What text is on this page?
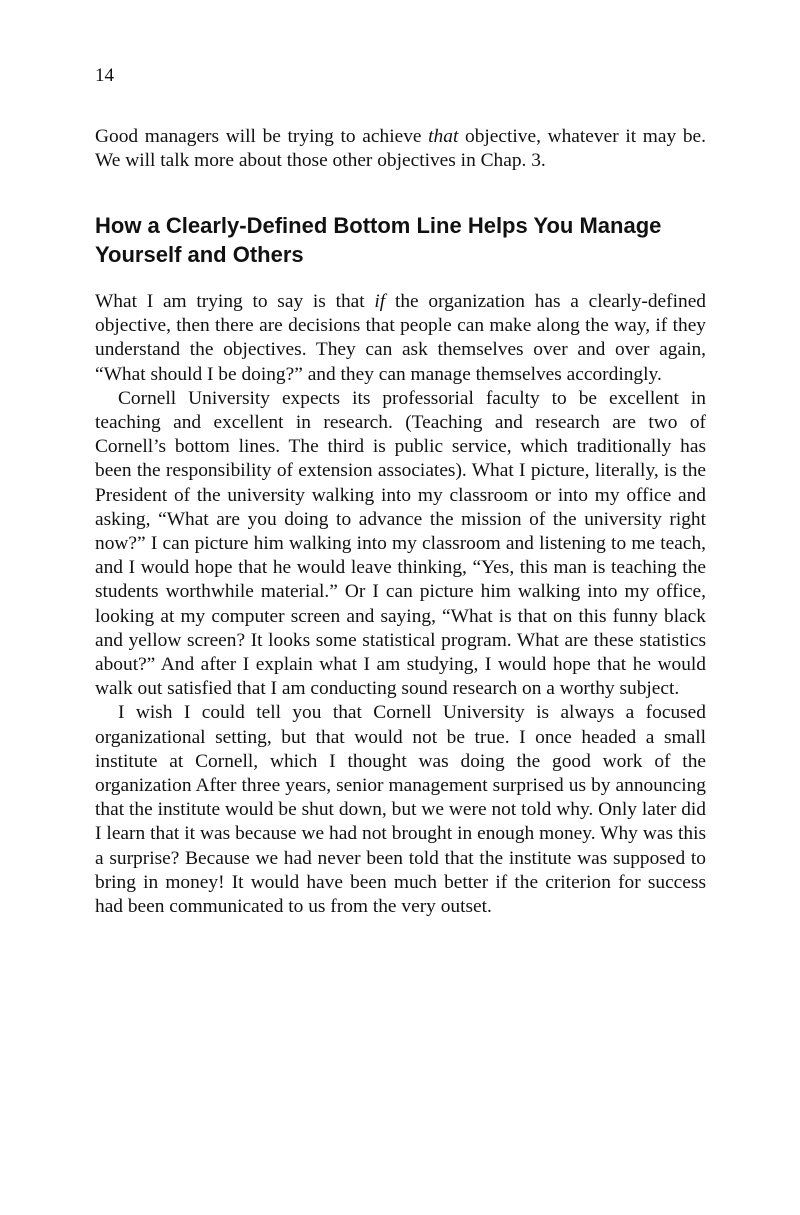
14

Good managers will be trying to achieve that objective, whatever it may be. We will talk more about those other objectives in Chap. 3.

How a Clearly-Defined Bottom Line Helps You Manage Yourself and Others

What I am trying to say is that if the organization has a clearly-defined objective, then there are decisions that people can make along the way, if they understand the objectives. They can ask themselves over and over again, “What should I be doing?” and they can manage themselves accordingly.

Cornell University expects its professorial faculty to be excellent in teaching and excellent in research. (Teaching and research are two of Cornell’s bottom lines. The third is public service, which traditionally has been the responsibility of extension associates). What I picture, literally, is the President of the university walking into my classroom or into my office and asking, “What are you doing to advance the mission of the university right now?” I can picture him walking into my classroom and listening to me teach, and I would hope that he would leave thinking, “Yes, this man is teaching the students worthwhile material.” Or I can picture him walking into my office, looking at my computer screen and saying, “What is that on this funny black and yellow screen? It looks some statistical program. What are these statistics about?” And after I explain what I am studying, I would hope that he would walk out satisfied that I am conducting sound research on a worthy subject.

I wish I could tell you that Cornell University is always a focused organizational setting, but that would not be true. I once headed a small institute at Cornell, which I thought was doing the good work of the organization After three years, senior management surprised us by announcing that the institute would be shut down, but we were not told why. Only later did I learn that it was because we had not brought in enough money. Why was this a surprise? Because we had never been told that the institute was supposed to bring in money! It would have been much better if the criterion for success had been communicated to us from the very outset.
